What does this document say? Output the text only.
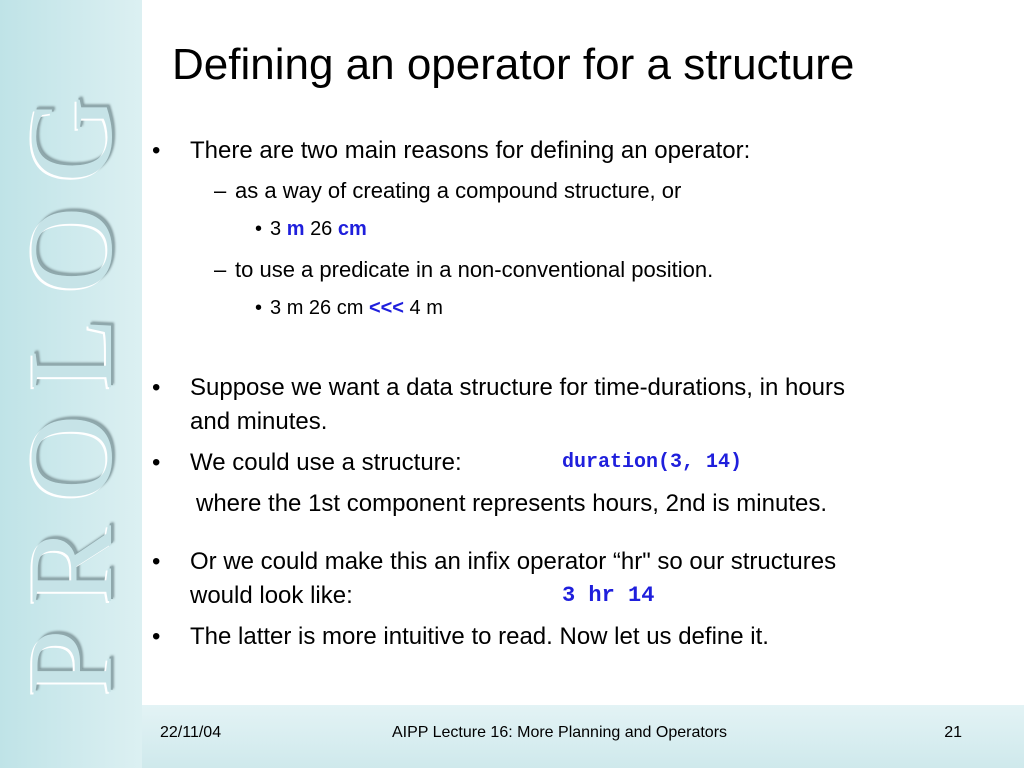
PROLOG
Defining an operator for a structure
• There are two main reasons for defining an operator:
– as a way of creating a compound structure, or
• 3 m 26 cm
– to use a predicate in a non-conventional position.
• 3 m 26 cm <<< 4 m
• Suppose we want a data structure for time-durations, in hours
and minutes.
• We could use a structure:	duration(3, 14)
where the 1st component represents hours, 2nd is minutes.
• Or we could make this an infix operator “hr" so our structures
would look like:	3 hr 14
• The latter is more intuitive to read. Now let us define it.
22/11/04	AIPP Lecture 16: More Planning and Operators	21
